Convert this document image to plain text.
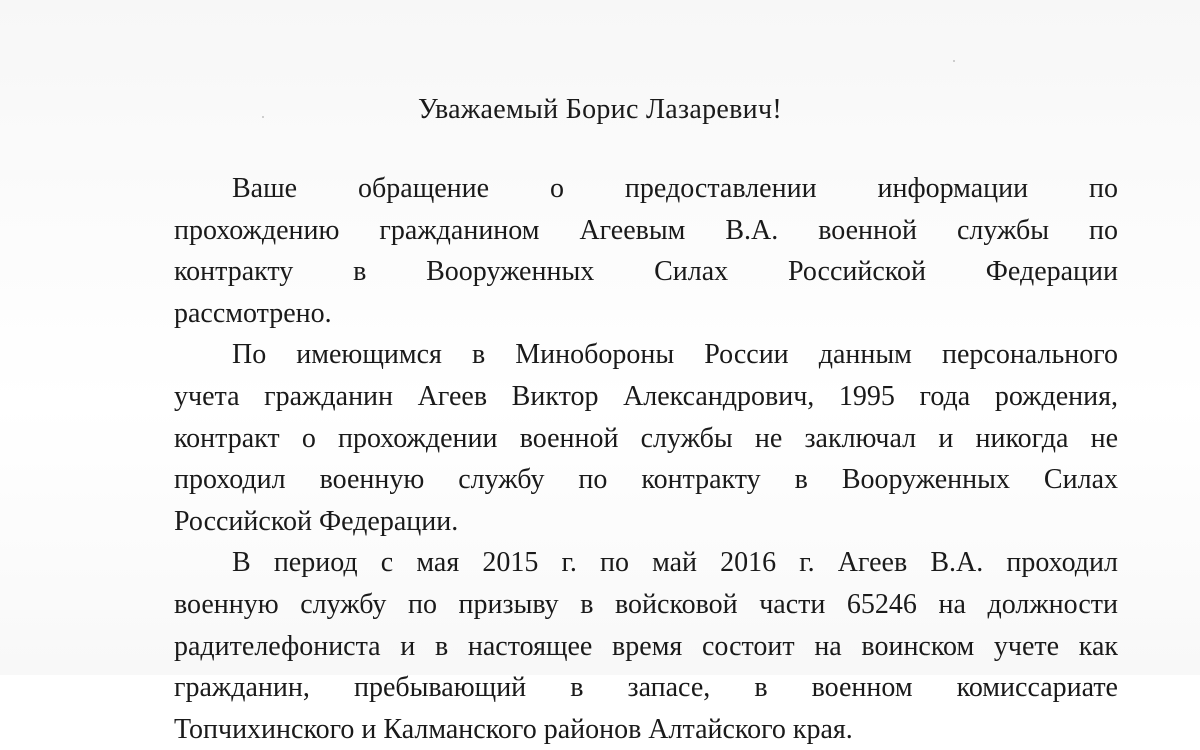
Уважаемый Борис Лазаревич!
Ваше обращение о предоставлении информации по
прохождению гражданином Агеевым В.А. военной службы по
контракту в Вооруженных Силах Российской Федерации
рассмотрено.
По имеющимся в Минобороны России данным персонального
учета гражданин Агеев Виктор Александрович, 1995 года рождения,
контракт о прохождении военной службы не заключал и никогда не
проходил военную службу по контракту в Вооруженных Силах
Российской Федерации.
В период с мая 2015 г. по май 2016 г. Агеев В.А. проходил
военную службу по призыву в войсковой части 65246 на должности
радителефониста и в настоящее время состоит на воинском учете как
гражданин, пребывающий в запасе, в военном комиссариате
Топчихинского и Калманского районов Алтайского края.
